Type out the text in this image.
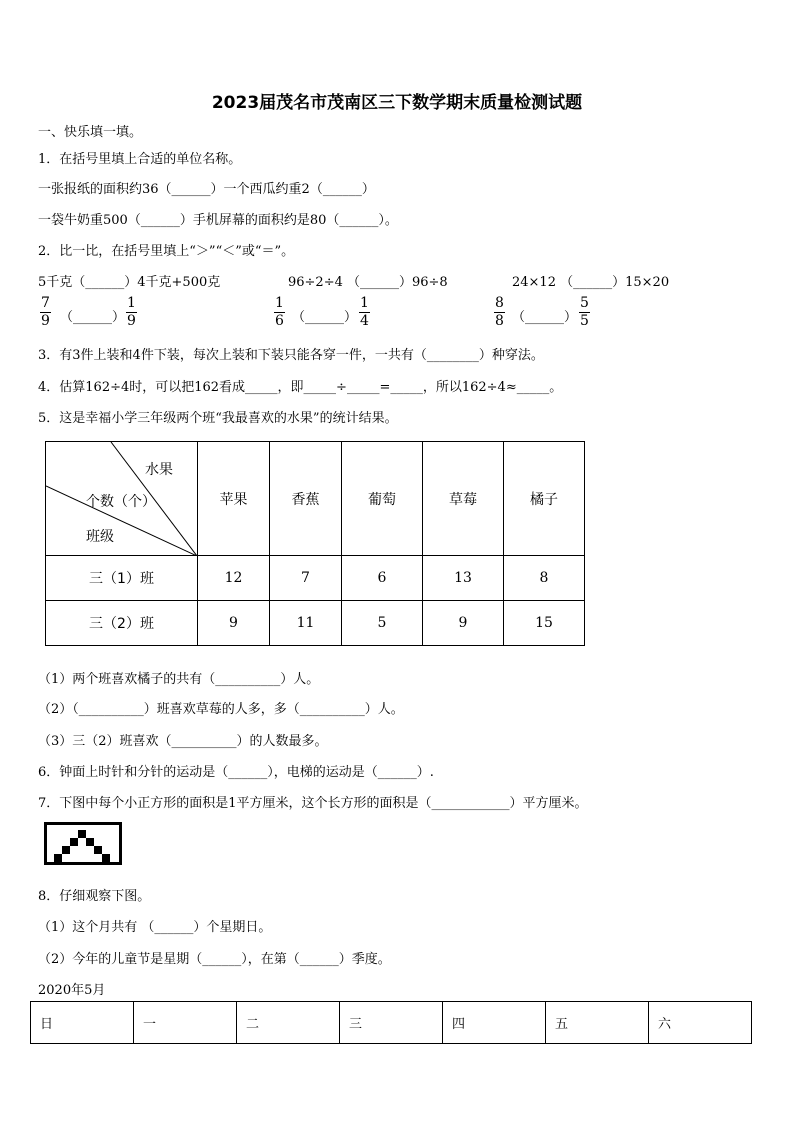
2023届茂名市茂南区三下数学期末质量检测试题
一、快乐填一填。
1．在括号里填上合适的单位名称。
一张报纸的面积约36（______）一个西瓜约重2（______）
一袋牛奶重500（______）手机屏幕的面积约是80（______）。
2．比一比，在括号里填上“＞”“＜”或“＝”。
5千克（______）4千克+500克	96÷2÷4 （______）96÷8	24×12 （______）15×20
7
9 （______）
1
9
1
6 （______）
1
4
8
8 （______）
5
5
3．有3件上装和4件下装，每次上装和下装只能各穿一件，一共有（________）种穿法。
4．估算162÷4时，可以把162看成_____，即_____÷_____=_____，所以162÷4≈_____。
5．这是幸福小学三年级两个班“我最喜欢的水果”的统计结果。
水果
个数（个）
班级	苹果	香蕉	葡萄	草莓	橘子
三（1）班	12	7	6	13	8
三（2）班	9	11	5	9	15
（1）两个班喜欢橘子的共有（__________）人。
（2）（__________）班喜欢草莓的人多，多（__________）人。
（3）三（2）班喜欢（__________）的人数最多。
6．钟面上时针和分针的运动是（______），电梯的运动是（______）.
7．下图中每个小正方形的面积是1平方厘米，这个长方形的面积是（____________）平方厘米。
8．仔细观察下图。
（1）这个月共有 （______）个星期日。
（2）今年的儿童节是星期（______），在第（______）季度。
2020年5月
日	一	二	三	四	五	六
